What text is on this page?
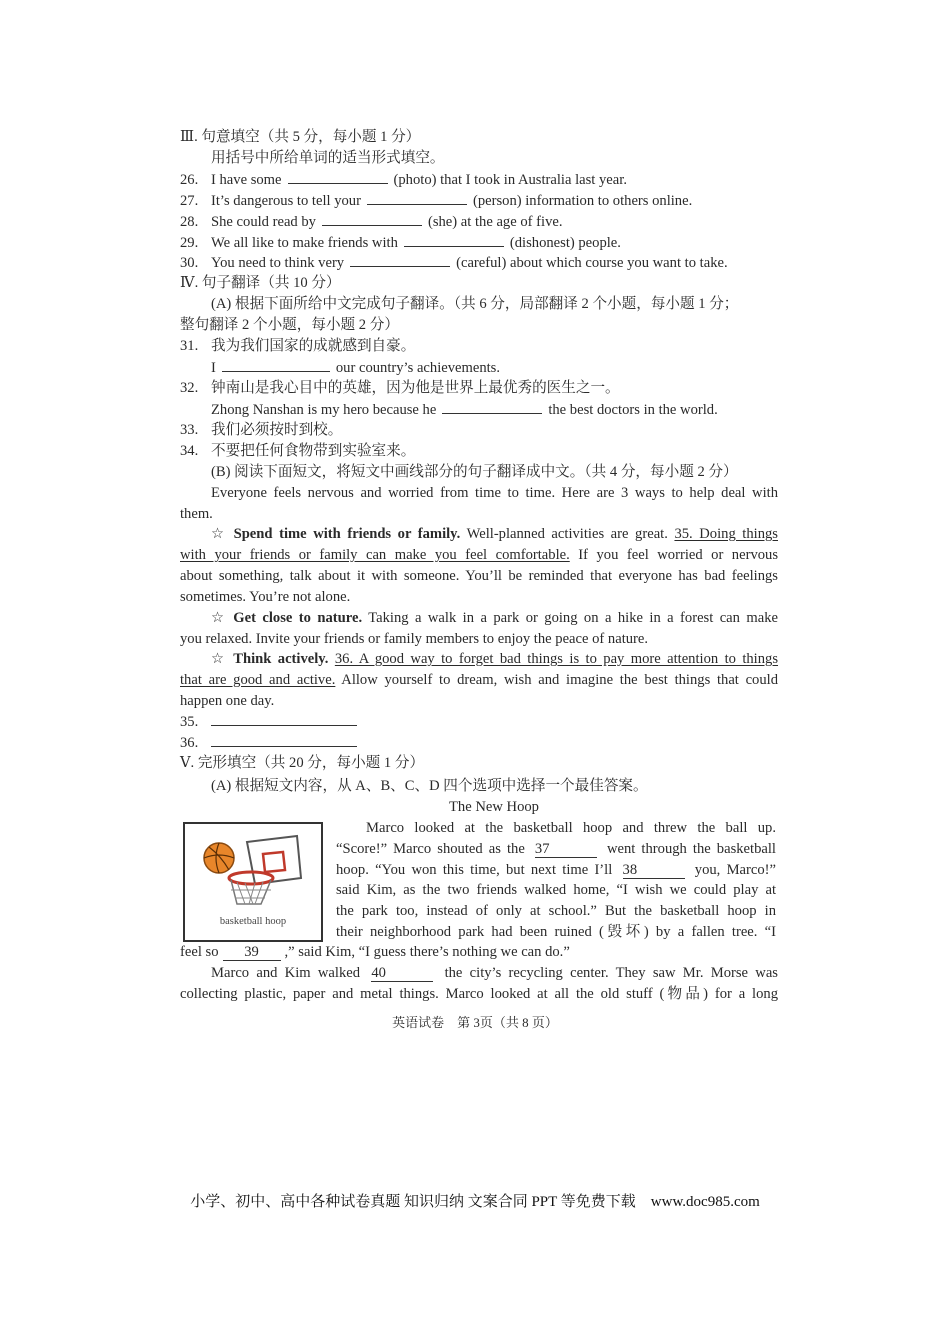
Ⅲ. 句意填空（共 5 分，每小题 1 分）
用括号中所给单词的适当形式填空。
26. I have some	(photo) that I took in Australia last year.
27. It’s dangerous to tell your	(person) information to others online.
28. She could read by	(she) at the age of five.
29. We all like to make friends with	(dishonest) people.
30. You need to think very	(careful) about which course you want to take.
Ⅳ. 句子翻译（共 10 分）
(A) 根据下面所给中文完成句子翻译。（共 6 分，局部翻译 2 个小题，每小题 1 分；
整句翻译 2 个小题，每小题 2 分）
31. 我为我们国家的成就感到自豪。
I	our country’s achievements.
32. 钟南山是我心目中的英雄，因为他是世界上最优秀的医生之一。
Zhong Nanshan is my hero because he	the best doctors in the world.
33. 我们必须按时到校。
34. 不要把任何食物带到实验室来。
(B) 阅读下面短文，将短文中画线部分的句子翻译成中文。（共 4 分，每小题 2 分）
Everyone feels nervous and worried from time to time. Here are 3 ways to help deal with
them.
☆ Spend time with friends or family. Well-planned activities are great. 35. Doing things
with your friends or family can make you feel comfortable. If you feel worried or nervous
about something, talk about it with someone. You’ll be reminded that everyone has bad feelings
sometimes. You’re not alone.
☆ Get close to nature. Taking a walk in a park or going on a hike in a forest can make
you relaxed. Invite your friends or family members to enjoy the peace of nature.
☆ Think actively. 36. A good way to forget bad things is to pay more attention to things
that are good and active. Allow yourself to dream, wish and imagine the best things that could
happen one day.
35.
36.
Ⅴ. 完形填空（共 20 分，每小题 1 分）
(A) 根据短文内容，从 A、B、C、D 四个选项中选择一个最佳答案。
The New Hoop
basketball hoop
Marco looked at the basketball hoop and threw the ball up.
“Score!” Marco shouted as the 37	went through the basketball
hoop. “You won this time, but next time I’ll 38	you, Marco!”
said Kim, as the two friends walked home, “I wish we could play at
the park too, instead of only at school.” But the basketball hoop in
their neighborhood park had been ruined (毁坏) by a fallen tree. “I
feel so 39 ,” said Kim, “I guess there’s nothing we can do.”
Marco and Kim walked 40	the city’s recycling center. They saw Mr. Morse was
collecting plastic, paper and metal things. Marco looked at all the old stuff (物品) for a long
英语试卷　第 3页（共 8 页）
小学、初中、高中各种试卷真题 知识归纳 文案合同 PPT 等免费下载　www.doc985.com
